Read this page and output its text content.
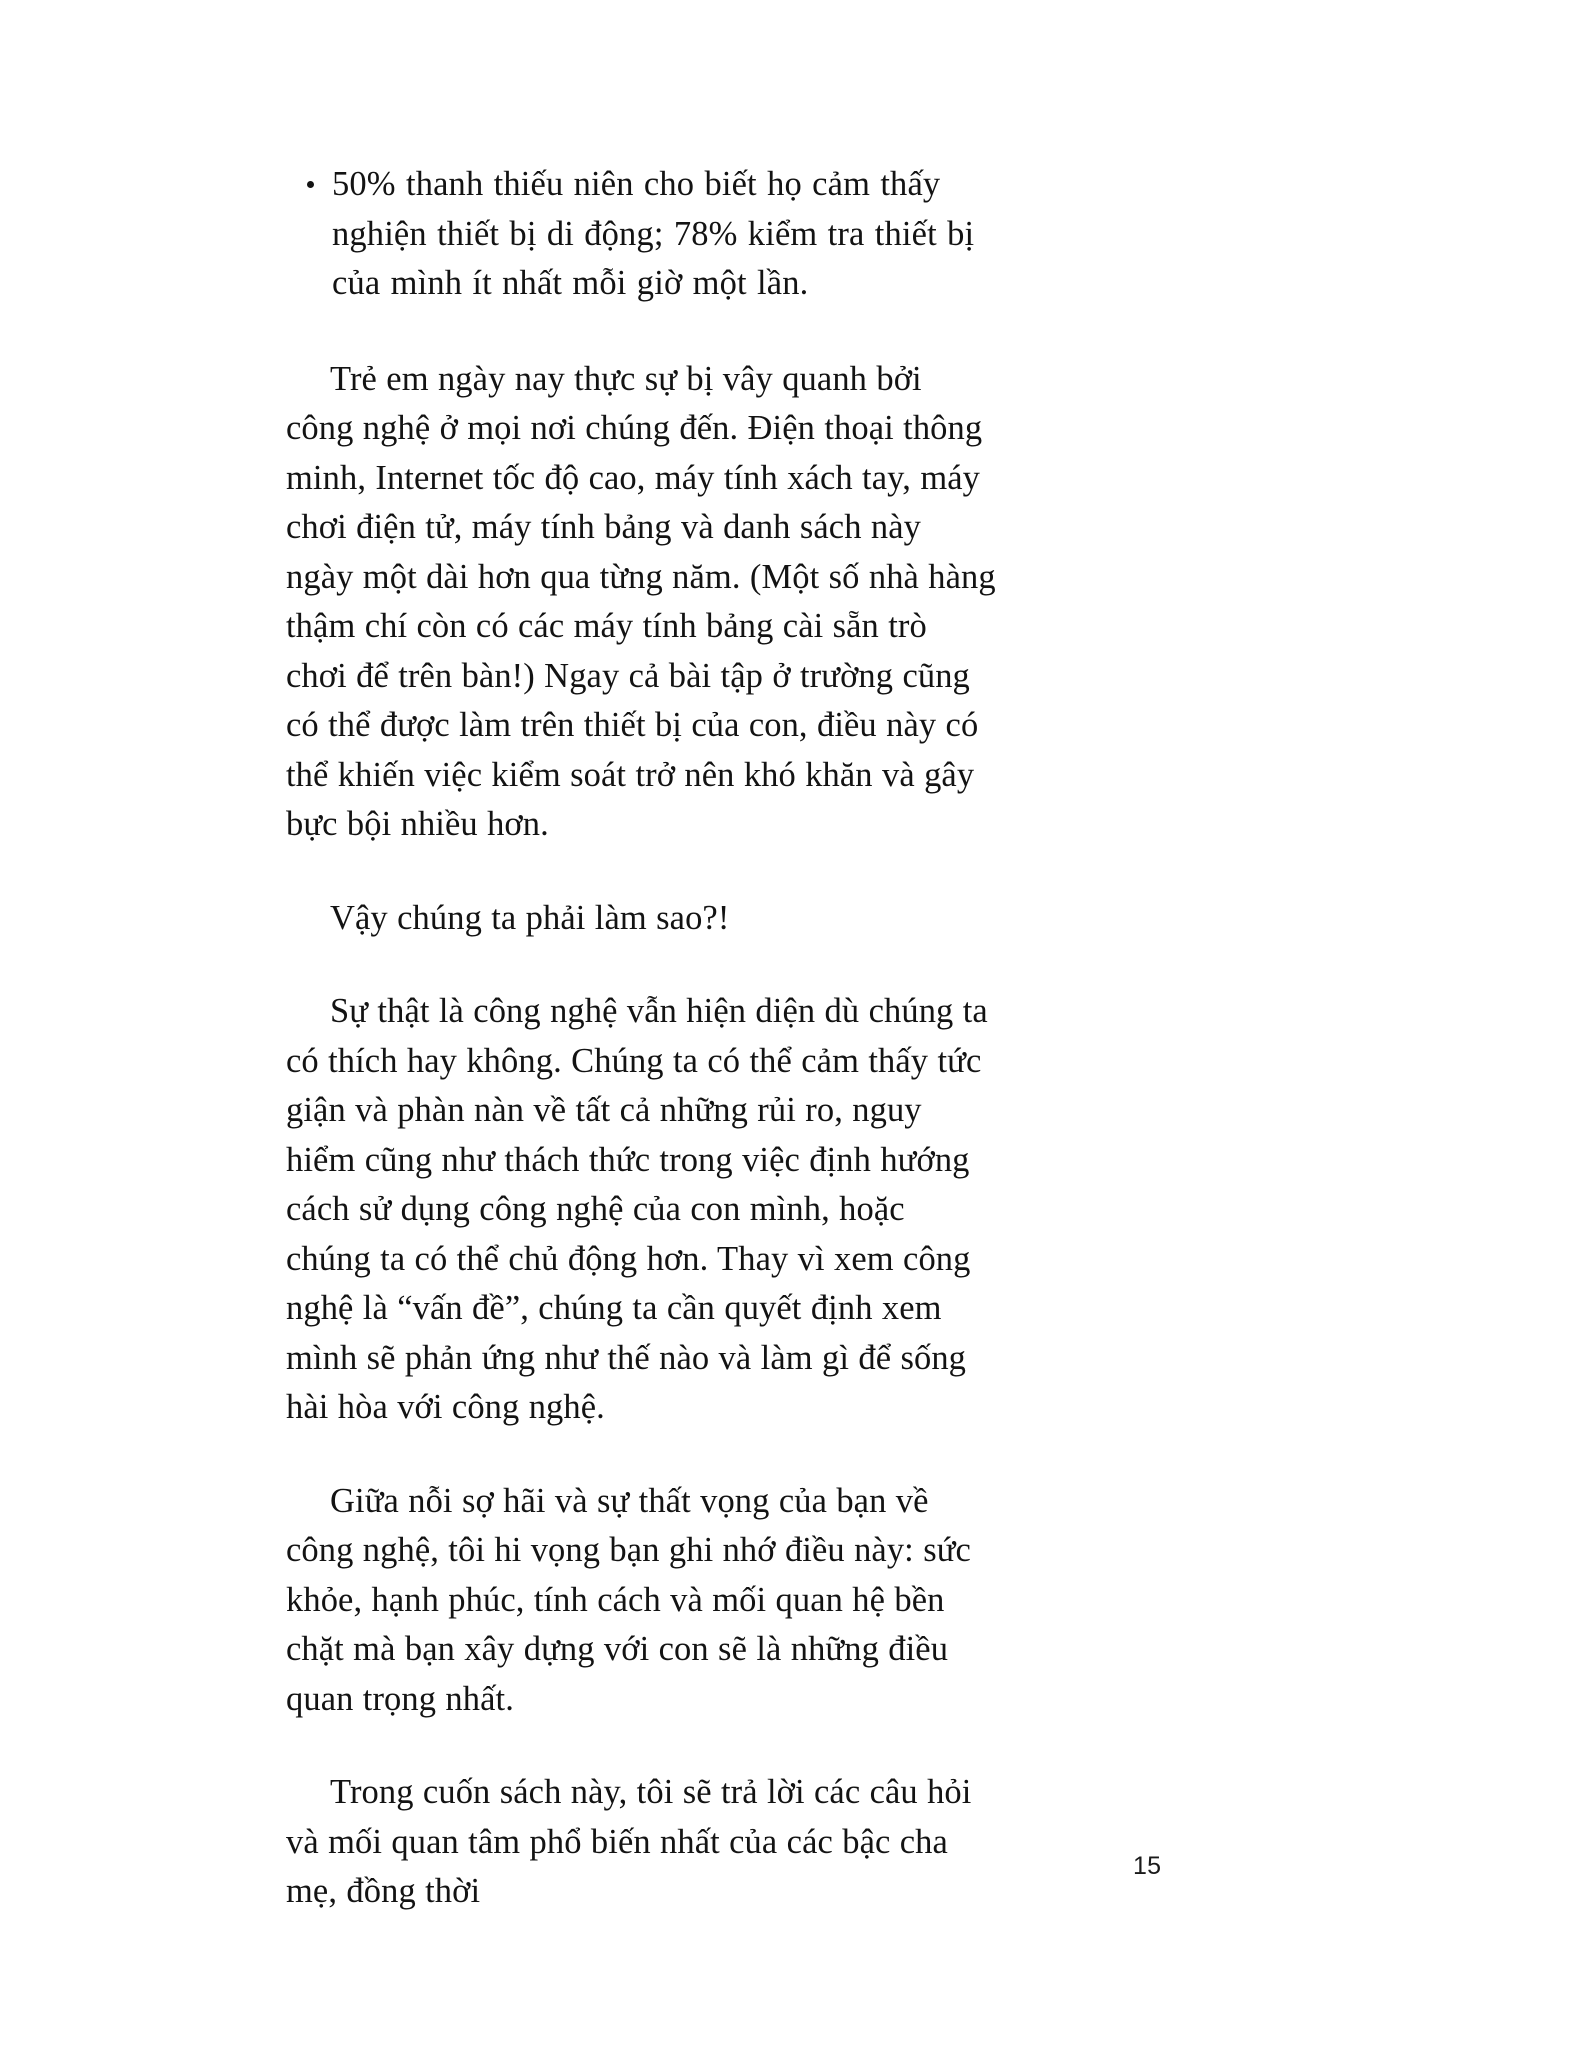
50% thanh thiếu niên cho biết họ cảm thấy nghiện thiết bị di động; 78% kiểm tra thiết bị của mình ít nhất mỗi giờ một lần.

Trẻ em ngày nay thực sự bị vây quanh bởi công nghệ ở mọi nơi chúng đến. Điện thoại thông minh, Internet tốc độ cao, máy tính xách tay, máy chơi điện tử, máy tính bảng và danh sách này ngày một dài hơn qua từng năm. (Một số nhà hàng thậm chí còn có các máy tính bảng cài sẵn trò chơi để trên bàn!) Ngay cả bài tập ở trường cũng có thể được làm trên thiết bị của con, điều này có thể khiến việc kiểm soát trở nên khó khăn và gây bực bội nhiều hơn.

Vậy chúng ta phải làm sao?!

Sự thật là công nghệ vẫn hiện diện dù chúng ta có thích hay không. Chúng ta có thể cảm thấy tức giận và phàn nàn về tất cả những rủi ro, nguy hiểm cũng như thách thức trong việc định hướng cách sử dụng công nghệ của con mình, hoặc chúng ta có thể chủ động hơn. Thay vì xem công nghệ là “vấn đề”, chúng ta cần quyết định xem mình sẽ phản ứng như thế nào và làm gì để sống hài hòa với công nghệ.

Giữa nỗi sợ hãi và sự thất vọng của bạn về công nghệ, tôi hi vọng bạn ghi nhớ điều này: sức khỏe, hạnh phúc, tính cách và mối quan hệ bền chặt mà bạn xây dựng với con sẽ là những điều quan trọng nhất.

Trong cuốn sách này, tôi sẽ trả lời các câu hỏi và mối quan tâm phổ biến nhất của các bậc cha mẹ, đồng thời

15
